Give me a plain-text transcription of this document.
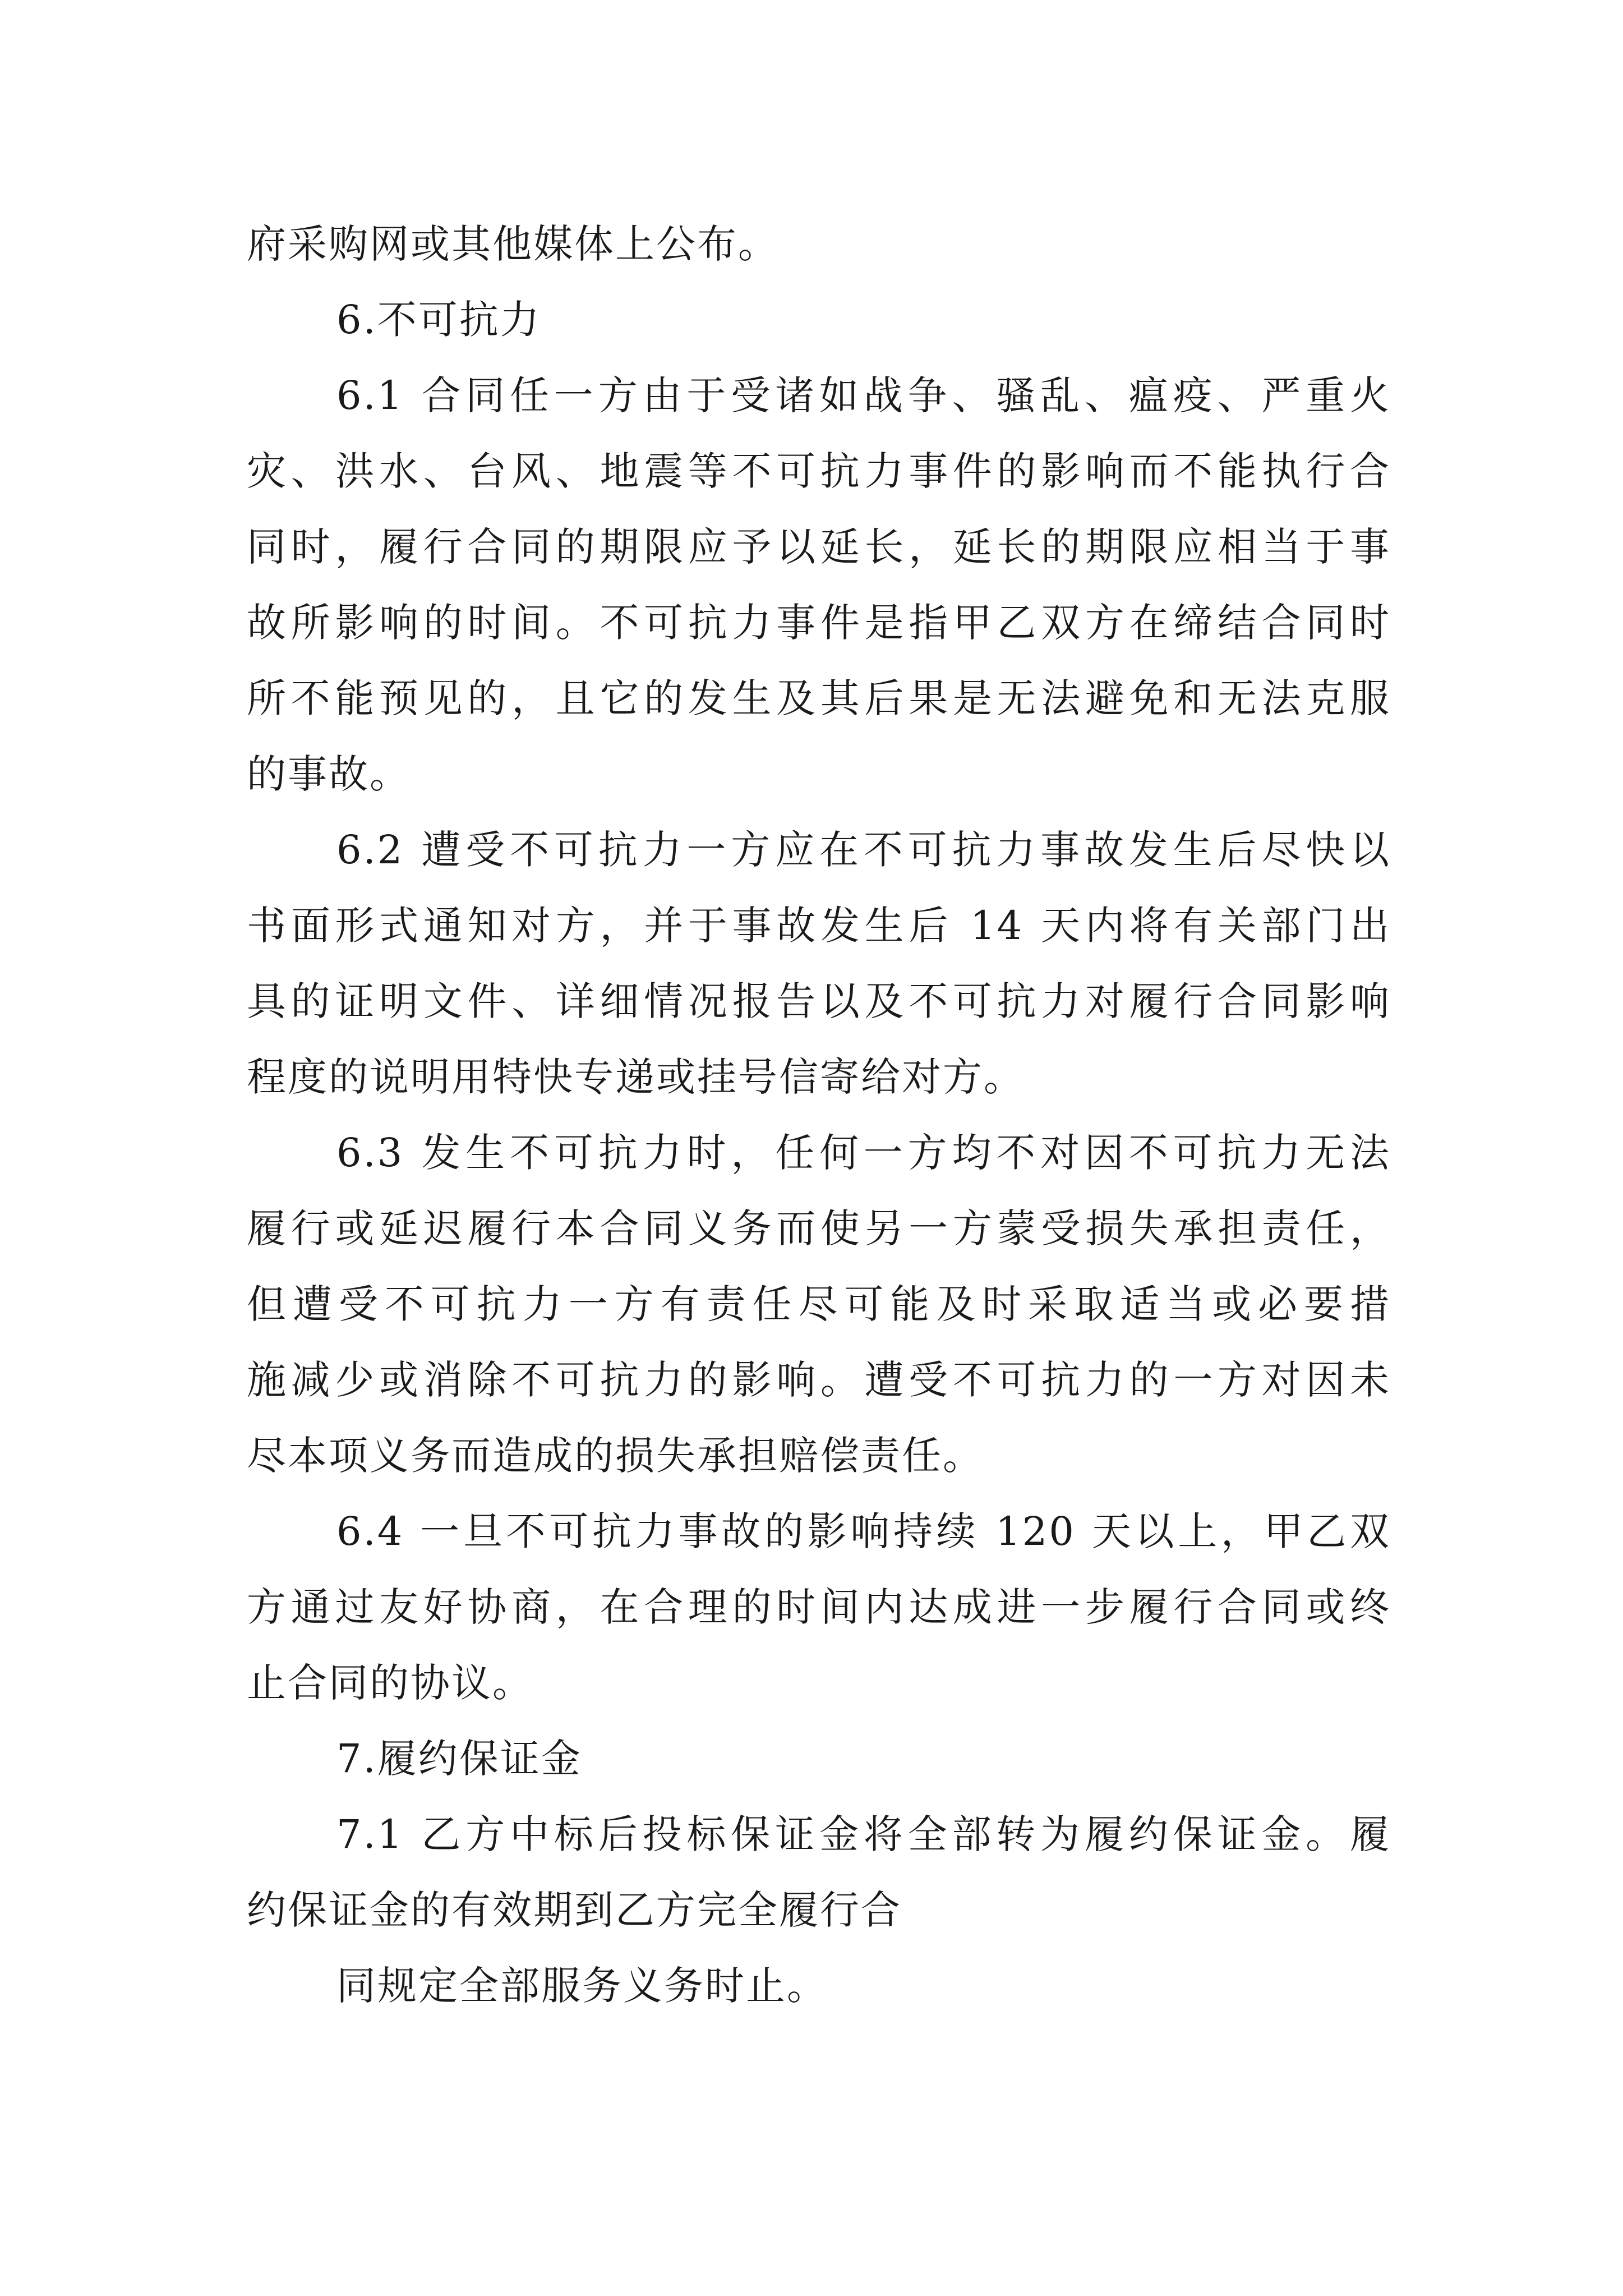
府采购网或其他媒体上公布。
6.不可抗力
6.1 合同任一方由于受诸如战争、骚乱、瘟疫、严重火
灾、洪水、台风、地震等不可抗力事件的影响而不能执行合
同时，履行合同的期限应予以延长，延长的期限应相当于事
故所影响的时间。不可抗力事件是指甲乙双方在缔结合同时
所不能预见的，且它的发生及其后果是无法避免和无法克服
的事故。
6.2 遭受不可抗力一方应在不可抗力事故发生后尽快以
书面形式通知对方，并于事故发生后 14 天内将有关部门出
具的证明文件、详细情况报告以及不可抗力对履行合同影响
程度的说明用特快专递或挂号信寄给对方。
6.3 发生不可抗力时，任何一方均不对因不可抗力无法
履行或延迟履行本合同义务而使另一方蒙受损失承担责任，
但遭受不可抗力一方有责任尽可能及时采取适当或必要措
施减少或消除不可抗力的影响。遭受不可抗力的一方对因未
尽本项义务而造成的损失承担赔偿责任。
6.4 一旦不可抗力事故的影响持续 120 天以上，甲乙双
方通过友好协商，在合理的时间内达成进一步履行合同或终
止合同的协议。
7.履约保证金
7.1 乙方中标后投标保证金将全部转为履约保证金。履
约保证金的有效期到乙方完全履行合
同规定全部服务义务时止。
